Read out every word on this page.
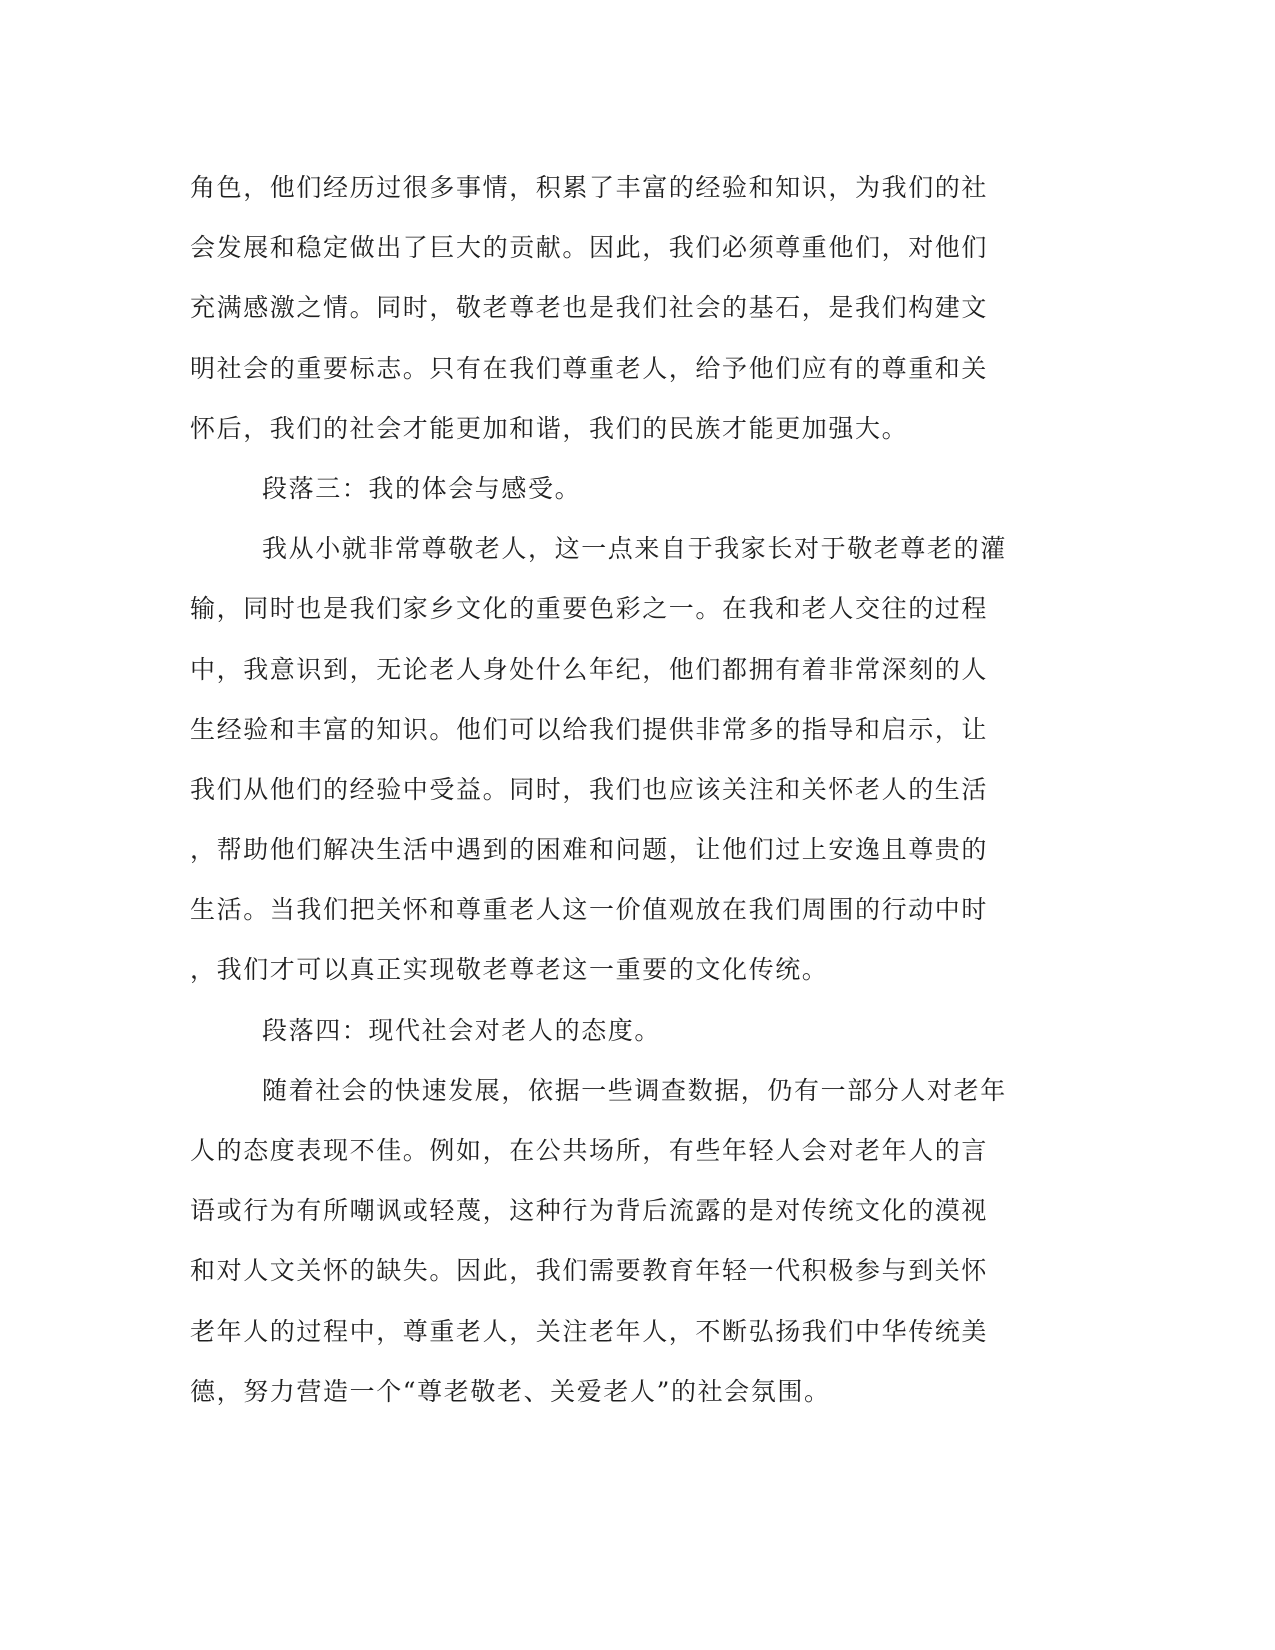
角色，他们经历过很多事情，积累了丰富的经验和知识，为我们的社
会发展和稳定做出了巨大的贡献。因此，我们必须尊重他们，对他们
充满感激之情。同时，敬老尊老也是我们社会的基石，是我们构建文
明社会的重要标志。只有在我们尊重老人，给予他们应有的尊重和关
怀后，我们的社会才能更加和谐，我们的民族才能更加强大。
段落三：我的体会与感受。
我从小就非常尊敬老人，这一点来自于我家长对于敬老尊老的灌
输，同时也是我们家乡文化的重要色彩之一。在我和老人交往的过程
中，我意识到，无论老人身处什么年纪，他们都拥有着非常深刻的人
生经验和丰富的知识。他们可以给我们提供非常多的指导和启示，让
我们从他们的经验中受益。同时，我们也应该关注和关怀老人的生活
，帮助他们解决生活中遇到的困难和问题，让他们过上安逸且尊贵的
生活。当我们把关怀和尊重老人这一价值观放在我们周围的行动中时
，我们才可以真正实现敬老尊老这一重要的文化传统。
段落四：现代社会对老人的态度。
随着社会的快速发展，依据一些调查数据，仍有一部分人对老年
人的态度表现不佳。例如，在公共场所，有些年轻人会对老年人的言
语或行为有所嘲讽或轻蔑，这种行为背后流露的是对传统文化的漠视
和对人文关怀的缺失。因此，我们需要教育年轻一代积极参与到关怀
老年人的过程中，尊重老人，关注老年人，不断弘扬我们中华传统美
德，努力营造一个“尊老敬老、关爱老人”的社会氛围。
